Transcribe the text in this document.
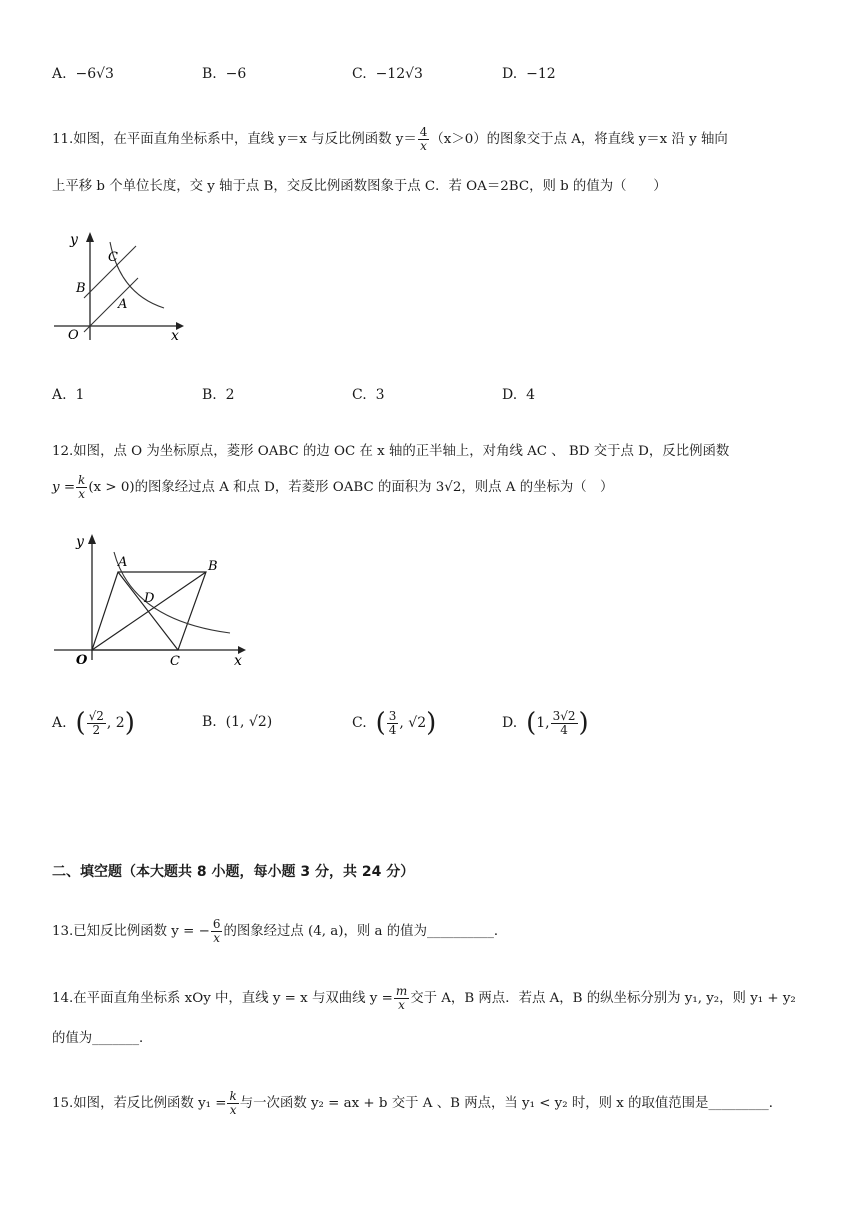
A. −6√3	B. −6	C. −12√3	D. −12
11.如图，在平面直角坐标系中，直线 y＝x 与反比例函数 $y= \frac{4}{x} (x>0)$的图象交于点 A，将直线 y＝x 沿 y 轴向
上平移 b 个单位长度，交 y 轴于点 B，交反比例函数图象于点 C．若 OA＝2BC，则 b 的值为（　　）
y
x
O
B
C
A
A. 1	B. 2	C. 3	D. 4
12.如图，点 O 为坐标原点，菱形 OABC 的边 OC 在 x 轴的正半轴上，对角线 AC 、 BD 交于点 D，反比例函数
$y = \frac{k}{x} (x > 0)$的图象经过点 A 和点 D，若菱形 OABC 的面积为 3√2，则点 A 的坐标为（　）
y
x
O
A	B
C
D
A. ( $\frac{√2}{2}$ , 2)	B. (1, √2)	C. ( $\frac{3}{4}$ , √2)	D. (1, $\frac{3√2}{4}$ )
二、填空题（本大题共 8 小题，每小题 3 分，共 24 分）
13.已知反比例函数 y = − $\frac{6}{x}$ 的图象经过点 (4, a)，则 a 的值为__________．
14.在平面直角坐标系 xOy 中，直线 y = x 与双曲线 $y = \frac{m}{x}$ 交于 A，B 两点．若点 A，B 的纵坐标分别为 y₁, y₂，则 y₁ + y₂
的值为_______．
15.如图，若反比例函数 $y_1 = \frac{k}{x}$ 与一次函数 y₂ = ax + b 交于 A 、B 两点，当 y₁ < y₂ 时，则 x 的取值范围是_________．
